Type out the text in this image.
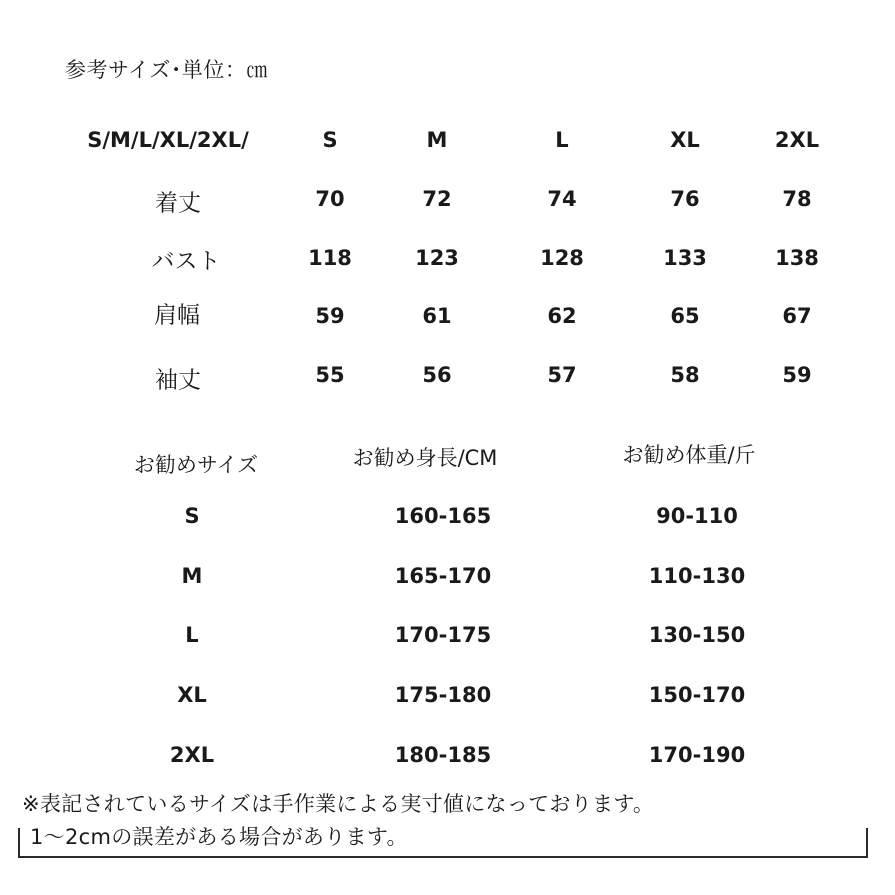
参考サイズ･単位：㎝
S/M/L/XL/2XL/	S	M	L	XL	2XL
着丈	70	72	74	76	78
バスト	118	123	128	133	138
肩幅	59	61	62	65	67
袖丈	55	56	57	58	59
お勧めサイズ	お勧め身長/CM	お勧め体重/斤
S	160-165	90-110
M	165-170	110-130
L	170-175	130-150
XL	175-180	150-170
2XL	180-185	170-190
※表記されているサイズは手作業による実寸値になっております。
1〜2cmの誤差がある場合があります。
